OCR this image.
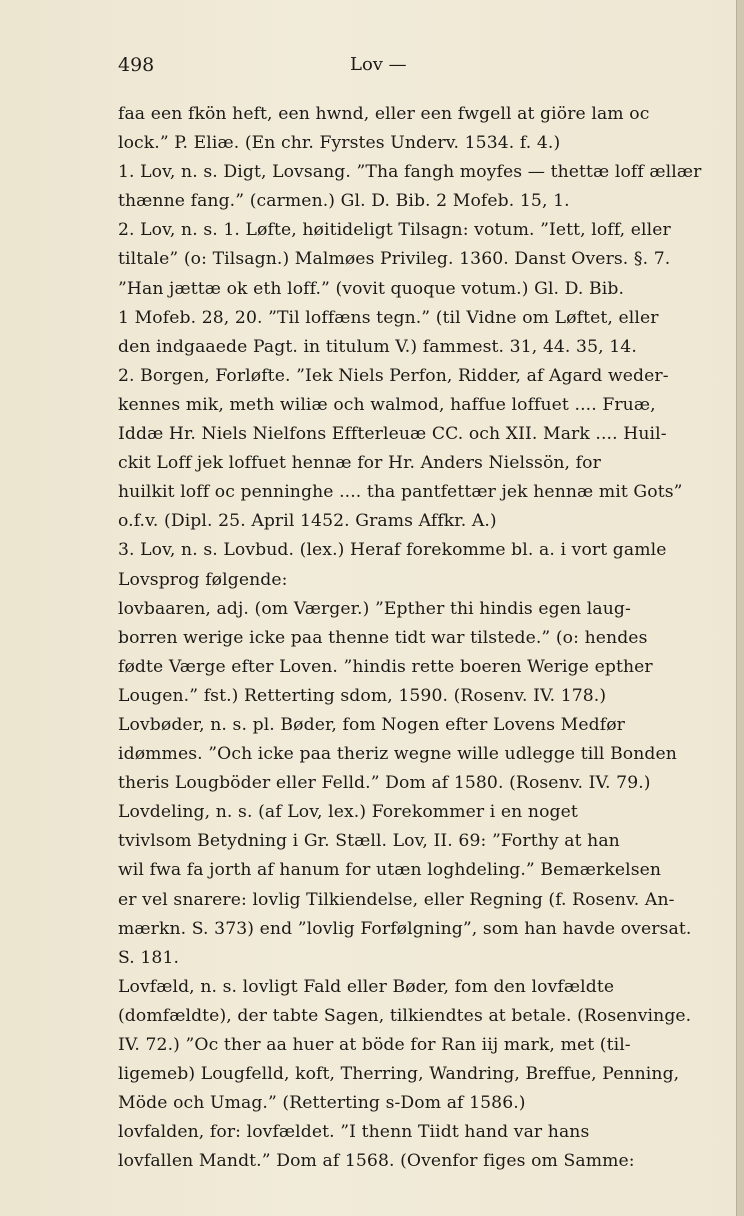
498	Lov —
faa een fkön heft, een hwnd, eller een fwgell at giöre lam oc
lock.” P. Eliæ. (En chr. Fyrstes Underv. 1534. f. 4.)
1. Lov, n. s. Digt, Lovsang. ”Tha fangh moyfes — thettæ loff ællær
thænne fang.” (carmen.) Gl. D. Bib. 2 Mofeb. 15, 1.
2. Lov, n. s. 1. Løfte, høitideligt Tilsagn: votum. ”Iett, loff, eller
tiltale” (o: Tilsagn.) Malmøes Privileg. 1360. Danst Overs. §. 7.
”Han jættæ ok eth loff.” (vovit quoque votum.) Gl. D. Bib.
1 Mofeb. 28, 20. ”Til loffæns tegn.” (til Vidne om Løftet, eller
den indgaaede Pagt. in titulum V.) fammest. 31, 44. 35, 14.
2. Borgen, Forløfte. ”Iek Niels Perfon, Ridder, af Agard weder-
kennes mik, meth wiliæ och walmod, haffue loffuet .... Fruæ,
Iddæ Hr. Niels Nielfons Effterleuæ CC. och XII. Mark .... Huil-
ckit Loff jek loffuet hennæ for Hr. Anders Nielssön, for
huilkit loff oc penninghe .... tha pantfettær jek hennæ mit Gots”
o.f.v. (Dipl. 25. April 1452. Grams Affkr. A.)
3. Lov, n. s. Lovbud. (lex.) Heraf forekomme bl. a. i vort gamle
Lovsprog følgende:
lovbaaren, adj. (om Værger.) ”Epther thi hindis egen laug-
borren werige icke paa thenne tidt war tilstede.” (o: hendes
fødte Værge efter Loven. ”hindis rette boeren Werige epther
Lougen.” fst.) Retterting sdom, 1590. (Rosenv. IV. 178.)
Lovbøder, n. s. pl. Bøder, fom Nogen efter Lovens Medfør
idømmes. ”Och icke paa theriz wegne wille udlegge till Bonden
theris Lougböder eller Felld.” Dom af 1580. (Rosenv. IV. 79.)
Lovdeling, n. s. (af Lov, lex.) Forekommer i en noget
tvivlsom Betydning i Gr. Stæll. Lov, II. 69: ”Forthy at han
wil fwa fa jorth af hanum for utæn loghdeling.” Bemærkelsen
er vel snarere: lovlig Tilkiendelse, eller Regning (f. Rosenv. An-
mærkn. S. 373) end ”lovlig Forfølgning”, som han havde oversat.
S. 181.
Lovfæld, n. s. lovligt Fald eller Bøder, fom den lovfældte
(domfældte), der tabte Sagen, tilkiendtes at betale. (Rosenvinge.
IV. 72.) ”Oc ther aa huer at böde for Ran iij mark, met (til-
ligemeb) Lougfelld, koft, Therring, Wandring, Breffue, Penning,
Möde och Umag.” (Retterting s-Dom af 1586.)
lovfalden, for: lovfældet. ”I thenn Tiidt hand var hans
lovfallen Mandt.” Dom af 1568. (Ovenfor figes om Samme:
